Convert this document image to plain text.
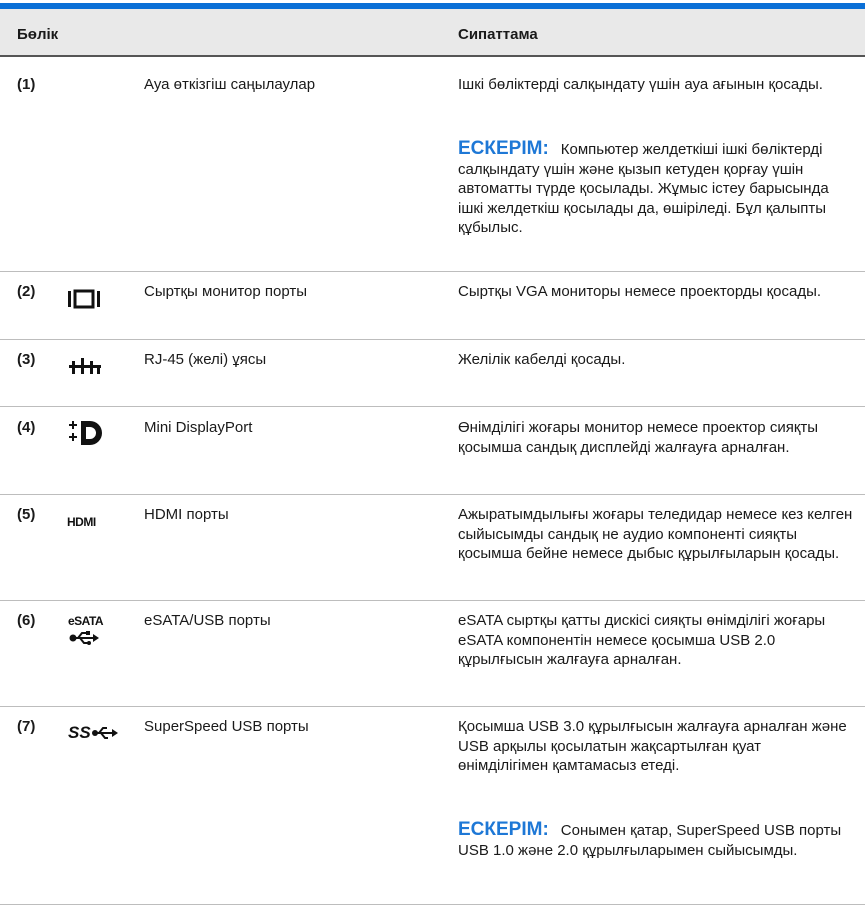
Бөлік	Сипаттама
(1)	Ауа өткізгіш саңылаулар	Ішкі бөліктерді салқындату үшін ауа ағынын қосады.
ЕСКЕРІМ: Компьютер желдеткіші ішкі бөліктерді салқындату үшін және қызып кетуден қорғау үшін автоматты түрде қосылады. Жұмыс істеу барысында ішкі желдеткіш қосылады да, өшіріледі. Бұл қалыпты құбылыс.
(2)	Сыртқы монитор порты	Сыртқы VGA мониторы немесе проекторды қосады.
(3)	RJ-45 (желі) ұясы	Желілік кабелді қосады.
(4)	Mini DisplayPort	Өнімділігі жоғары монитор немесе проектор сияқты қосымша сандық дисплейді жалғауға арналған.
(5)	HDMI	HDMI порты	Ажыратымдылығы жоғары теледидар немесе кез келген сыйысымды сандық не аудио компоненті сияқты қосымша бейне немесе дыбыс құрылғыларын қосады.
(6)	eSATA	eSATA/USB порты	eSATA сыртқы қатты дискісі сияқты өнімділігі жоғары eSATA компонентін немесе қосымша USB 2.0 құрылғысын жалғауға арналған.
(7) SS	SuperSpeed USB порты	Қосымша USB 3.0 құрылғысын жалғауға арналған және USB арқылы қосылатын жақсартылған қуат өнімділігімен қамтамасыз етеді.
ЕСКЕРІМ: Сонымен қатар, SuperSpeed USB порты USB 1.0 және 2.0 құрылғыларымен сыйысымды.
